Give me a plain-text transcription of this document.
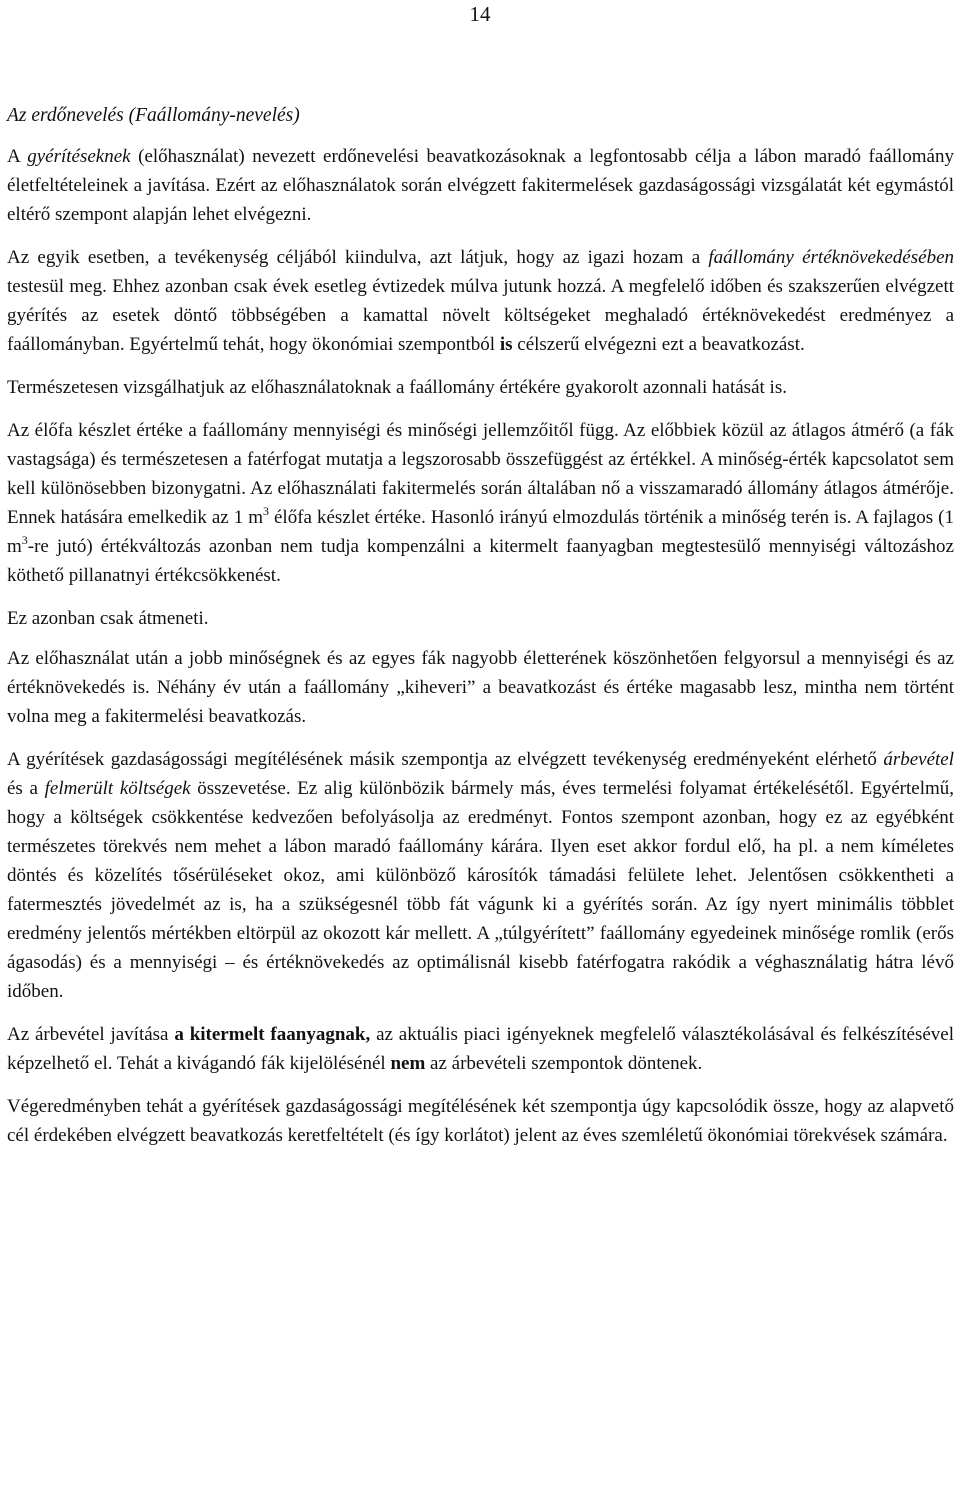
14
Az erdőnevelés (Faállomány-nevelés)

A gyérítéseknek (előhasználat) nevezett erdőnevelési beavatkozásoknak a legfontosabb célja a lábon maradó faállomány életfeltételeinek a javítása. Ezért az előhasználatok során elvégzett fakitermelések gazdaságossági vizsgálatát két egymástól eltérő szempont alapján lehet elvégezni.

Az egyik esetben, a tevékenység céljából kiindulva, azt látjuk, hogy az igazi hozam a faállomány értéknövekedésében testesül meg. Ehhez azonban csak évek esetleg évtizedek múlva jutunk hozzá. A megfelelő időben és szakszerűen elvégzett gyérítés az esetek döntő többségében a kamattal növelt költségeket meghaladó értéknövekedést eredményez a faállományban. Egyértelmű tehát, hogy ökonómiai szempontból is célszerű elvégezni ezt a beavatkozást.

Természetesen vizsgálhatjuk az előhasználatoknak a faállomány értékére gyakorolt azonnali hatását is.

Az élőfa készlet értéke a faállomány mennyiségi és minőségi jellemzőitől függ. Az előbbiek közül az átlagos átmérő (a fák vastagsága) és természetesen a fatérfogat mutatja a legszorosabb összefüggést az értékkel. A minőség-érték kapcsolatot sem kell különösebben bizonygatni. Az előhasználati fakitermelés során általában nő a visszamaradó állomány átlagos átmérője. Ennek hatására emelkedik az 1 $m^3$ élőfa készlet értéke. Hasonló irányú elmozdulás történik a minőség terén is. A fajlagos (1 $m^3-re$ jutó) értékváltozás azonban nem tudja kompenzálni a kitermelt faanyagban megtestesülő mennyiségi változáshoz köthető pillanatnyi értékcsökkenést.

Ez azonban csak átmeneti.

Az előhasználat után a jobb minőségnek és az egyes fák nagyobb életterének köszönhetően felgyorsul a mennyiségi és az értéknövekedés is. Néhány év után a faállomány „kiheveri” a beavatkozást és értéke magasabb lesz, mintha nem történt volna meg a fakitermelési beavatkozás.

A gyérítések gazdaságossági megítélésének másik szempontja az elvégzett tevékenység eredményeként elérhető árbevétel és a felmerült költségek összevetése. Ez alig különbözik bármely más, éves termelési folyamat értékelésétől. Egyértelmű, hogy a költségek csökkentése kedvezően befolyásolja az eredményt. Fontos szempont azonban, hogy ez az egyébként természetes törekvés nem mehet a lábon maradó faállomány kárára. Ilyen eset akkor fordul elő, ha pl. a nem kíméletes döntés és közelítés tősérüléseket okoz, ami különböző károsítók támadási felülete lehet. Jelentősen csökkentheti a fatermesztés jövedelmét az is, ha a szükségesnél több fát vágunk ki a gyérítés során. Az így nyert minimális többlet eredmény jelentős mértékben eltörpül az okozott kár mellett. A „túlgyérített” faállomány egyedeinek minősége romlik (erős ágasodás) és a mennyiségi – és értéknövekedés az optimálisnál kisebb fatérfogatra rakódik a véghasználatig hátra lévő időben.

Az árbevétel javítása a kitermelt faanyagnak, az aktuális piaci igényeknek megfelelő választékolásával és felkészítésével képzelhető el. Tehát a kivágandó fák kijelölésénél nem az árbevételi szempontok döntenek.

Végeredményben tehát a gyérítések gazdaságossági megítélésének két szempontja úgy kapcsolódik össze, hogy az alapvető cél érdekében elvégzett beavatkozás keretfeltételt (és így korlátot) jelent az éves szemléletű ökonómiai törekvések számára.
